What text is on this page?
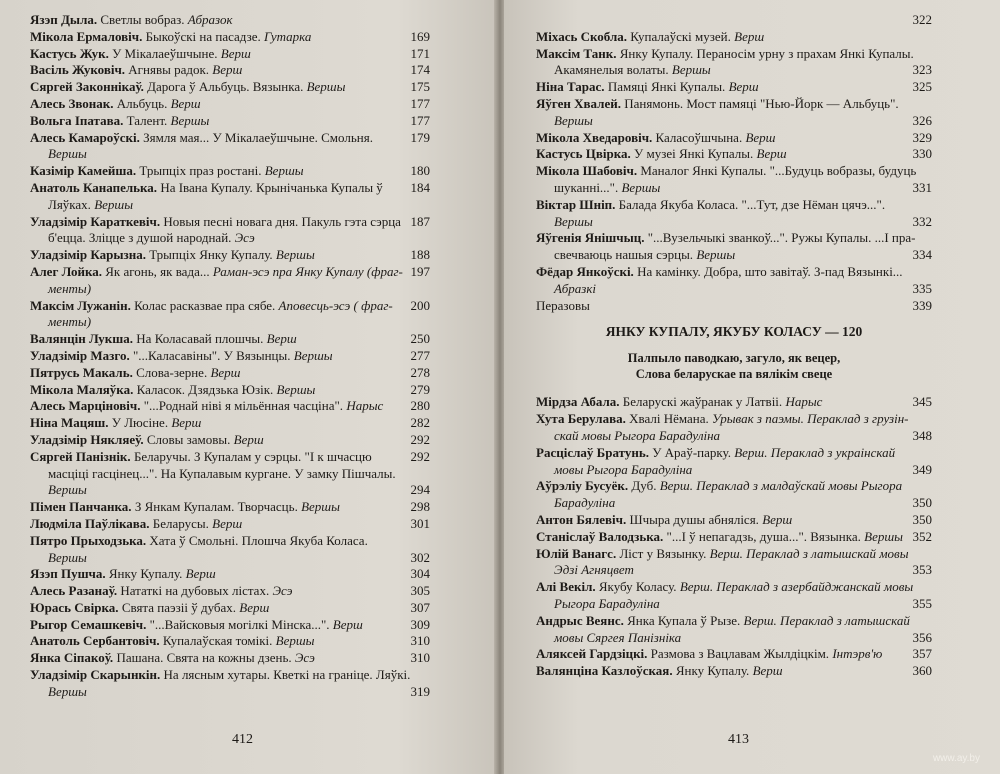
Язэп Дыла. Светлы вобраз. Абразок
Мікола Ермаловіч. Быкоўскі на пасадзе. Гутарка	169
Кастусь Жук. У Мікалаеўшчыне. Верш	171
Васіль Жуковіч. Агнявы радок. Верш	174
Сяргей Законнікаў. Дарога ў Альбуць. Вязынка. Вершы	175
Алесь Звонак. Альбуць. Верш	177
Вольга Іпатава. Талент. Вершы	177
Алесь Камароўскі. Зямля мая... У Мікалаеўшчыне. Смольня.	179
Вершы
Казімір Камейша. Трыпціх праз ростані. Вершы	180
Анатоль Канапелька. На Івана Купалу. Крынічанька Купалы ў 184
Ляўках. Вершы
Уладзімір Караткевіч. Новыя песні новага дня. Пакуль гэта сэрца 187
б'ецца. Зліцце з душой народнай. Эсэ
Уладзімір Карызна. Трыпціх Янку Купалу. Вершы	188
Алег Лойка. Як агонь, як вада... Раман-эсэ пра Янку Купалу (фраг- 197
менты)
Максім Лужанін. Колас расказвае пра сябе. Аповесць-эсэ ( фраг- 200
менты)
Валянцін Лукша. На Коласавай плошчы. Верш	250
Уладзімір Мазго. "...Каласавіны". У Вязынцы. Вершы	277
Пятрусь Макаль. Слова-зерне. Верш	278
Мікола Маляўка. Каласок. Дзядзька Юзік. Вершы	279
Алесь Марціновіч. "...Роднай ніві я мільённая часціна". Нарыс 280
Ніна Мацяш. У Люсіне. Верш	282
Уладзімір Някляеў. Словы замовы. Верш	292
Сяргей Панізнік. Беларучы. З Купалам у сэрцы. "І к шчасцю	292
масціці гасцінец...". На Купалавым кургане. У замку Пішчалы.
Вершы	294
Пімен Панчанка. З Янкам Купалам. Творчасць. Вершы	298
Людміла Паўлікава. Беларусы. Верш	301
Пятро Прыходзька. Хата ў Смольні. Плошча Якуба Коласа.
Вершы	302
Язэп Пушча. Янку Купалу. Верш	304
Алесь Разанаў. Нататкі на дубовых лістах. Эсэ	305
Юрась Свірка. Свята паэзіі ў дубах. Верш	307
Рыгор Семашкевіч. "...Вайсковыя могілкі Мінска...". Верш	309
Анатоль Сербантовіч. Купалаўская томікі. Вершы	310
Янка Сіпакоў. Пашана. Свята на кожны дзень. Эсэ	310
Уладзімір Скарынкін. На лясным хутары. Кветкі на граніце. Ляўкі.
Вершы	319
412
322
Міхась Скобла. Купалаўскі музей. Верш
Максім Танк. Янку Купалу. Пераносім урну з прахам Янкі Купалы.
Акамянелыя волаты. Вершы	323
Ніна Тарас. Памяці Янкі Купалы. Верш	325
Яўген Хвалей. Панямонь. Мост памяці "Нью-Йорк — Альбуць".
Вершы	326
Мікола Хведаровіч. Каласоўшчына. Верш	329
Кастусь Цвірка. У музеі Янкі Купалы. Верш	330
Мікола Шабовіч. Маналог Янкі Купалы. "...Будуць вобразы, будуць
шуканні...". Вершы	331
Віктар Шніп. Балада Якуба Коласа. "...Тут, дзе Нёман цячэ...".
Вершы	332
Яўгенія Янішчыц. "...Вузельчыкі званкоў...". Ружы Купалы. ...І пра-
свечваюць нашыя сэрцы. Вершы	334
Фёдар Янкоўскі. На камінку. Добра, што завітаў. З-пад Вязынкі...
Абразкі	335
Пеpазовы	339
ЯНКУ КУПАЛУ, ЯКУБУ КОЛАСУ — 120
Палпыло паводкаю, загуло, як вецер,
Слова беларускае па вялікім свеце
Мірдза Абала. Беларускі жаўранак у Латвіі. Нарыс	345
Хута Берулава. Хвалі Нёмана. Урывак з паэмы. Пераклад з грузін-
скай мовы Рыгора Барадуліна	348
Расціслаў Братунь. У Араў-парку. Верш. Пераклад з украінскай
мовы Рыгора Барадуліна	349
Аўрэліу Бусуёк. Дуб. Верш. Пераклад з малдаўскай мовы Рыгора
Барадуліна	350
Антон Бялевіч. Шчыра душы абняліся. Верш	350
Станіслаў Валодзька. "...І ў непагадзь, душа...". Вязынка. Вершы 352
Юлій Ванагс. Ліст у Вязынку. Верш. Пераклад з латышскай мовы
Эдзі Агняцвет	353
Алі Векіл. Якубу Коласу. Верш. Пераклад з азербайджанскай мовы
Рыгора Барадуліна	355
Андрыс Веянс. Янка Купала ў Рызе. Верш. Пераклад з латышскай
мовы Сяргея Панізніка	356
Аляксей Гардзіцкі. Размова з Вацлавам Жылдіцкім. Інтэрв'ю 357
Валянціна Казлоўская. Янку Купалу. Верш	360
413
www.ay.by
